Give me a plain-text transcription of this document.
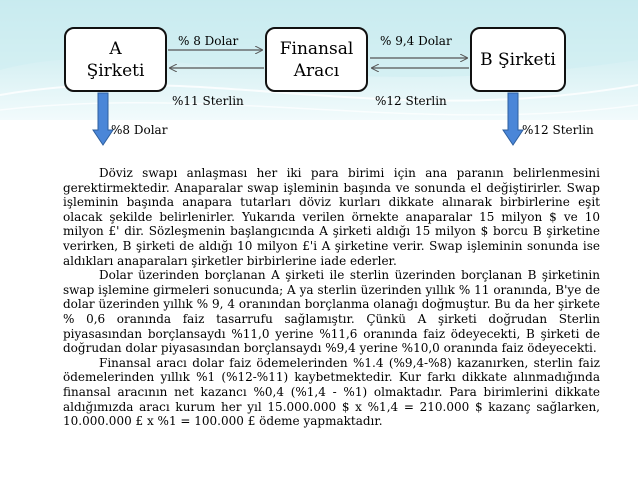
A
Şirketi
Finansal
Aracı
B Şirketi
% 8 Dolar
%11 Sterlin
% 9,4 Dolar
%12 Sterlin
%8 Dolar	%12 Sterlin

Döviz swapı anlaşması her iki para birimi için ana paranın belirlenmesini gerektirmektedir. Anaparalar swap işleminin başında ve sonunda el değiştirirler. Swap işleminin başında anapara tutarları döviz kurları dikkate alınarak birbirlerine eşit olacak şekilde belirlenirler. Yukarıda verilen örnekte anaparalar 15 milyon $ ve 10 milyon £' dir. Sözleşmenin başlangıcında A şirketi aldığı 15 milyon $ borcu B şirketine verirken, B şirketi de aldığı 10 milyon £'i A şirketine verir. Swap işleminin sonunda ise aldıkları anaparaları şirketler birbirlerine iade ederler.

Dolar üzerinden borçlanan A şirketi ile sterlin üzerinden borçlanan B şirketinin swap işlemine girmeleri sonucunda; A ya sterlin üzerinden yıllık % 11 oranında, B'ye de dolar üzerinden yıllık % 9, 4 oranından borçlanma olanağı doğmuştur. Bu da her şirkete % 0,6 oranında faiz tasarrufu sağlamıştır. Çünkü A şirketi doğrudan Sterlin piyasasından borçlansaydı %11,0 yerine %11,6 oranında faiz ödeyecekti, B şirketi de doğrudan dolar piyasasından borçlansaydı %9,4 yerine %10,0 oranında faiz ödeyecekti.

Finansal aracı dolar faiz ödemelerinden %1.4 (%9,4-%8) kazanırken, sterlin faiz ödemelerinden yıllık %1 (%12-%11) kaybetmektedir. Kur farkı dikkate alınmadığında finansal aracının net kazancı %0,4 (%1,4 - %1) olmaktadır. Para birimlerini dikkate aldığımızda aracı kurum her yıl 15.000.000 $ x %1,4 = 210.000 $ kazanç sağlarken, 10.000.000 £ x %1 = 100.000 £ ödeme yapmaktadır.
